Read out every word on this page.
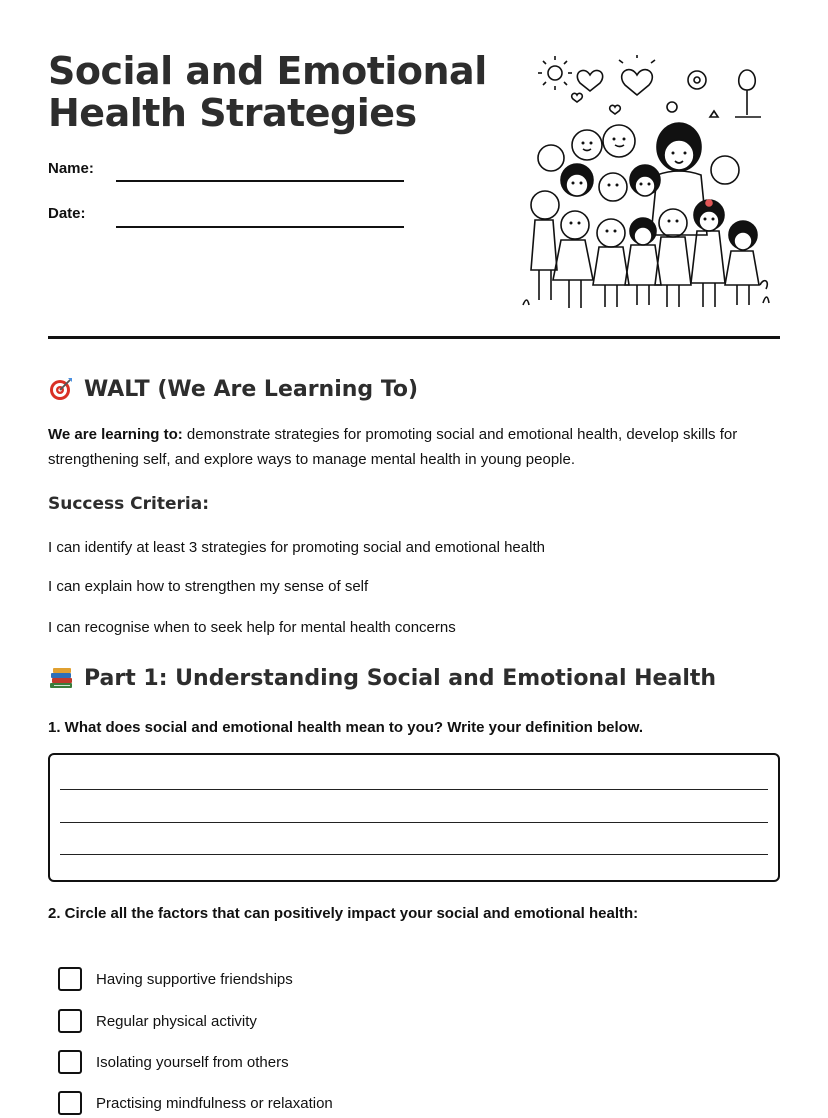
Social and Emotional
Health Strategies
Name:
Date:
WALT (We Are Learning To)
We are learning to: demonstrate strategies for promoting social and emotional health, develop skills for strengthening self, and explore ways to manage mental health in young people.
Success Criteria:
I can identify at least 3 strategies for promoting social and emotional health
I can explain how to strengthen my sense of self
I can recognise when to seek help for mental health concerns
Part 1: Understanding Social and Emotional Health
1. What does social and emotional health mean to you? Write your definition below.
2. Circle all the factors that can positively impact your social and emotional health:
Having supportive friendships
Regular physical activity
Isolating yourself from others
Practising mindfulness or relaxation
